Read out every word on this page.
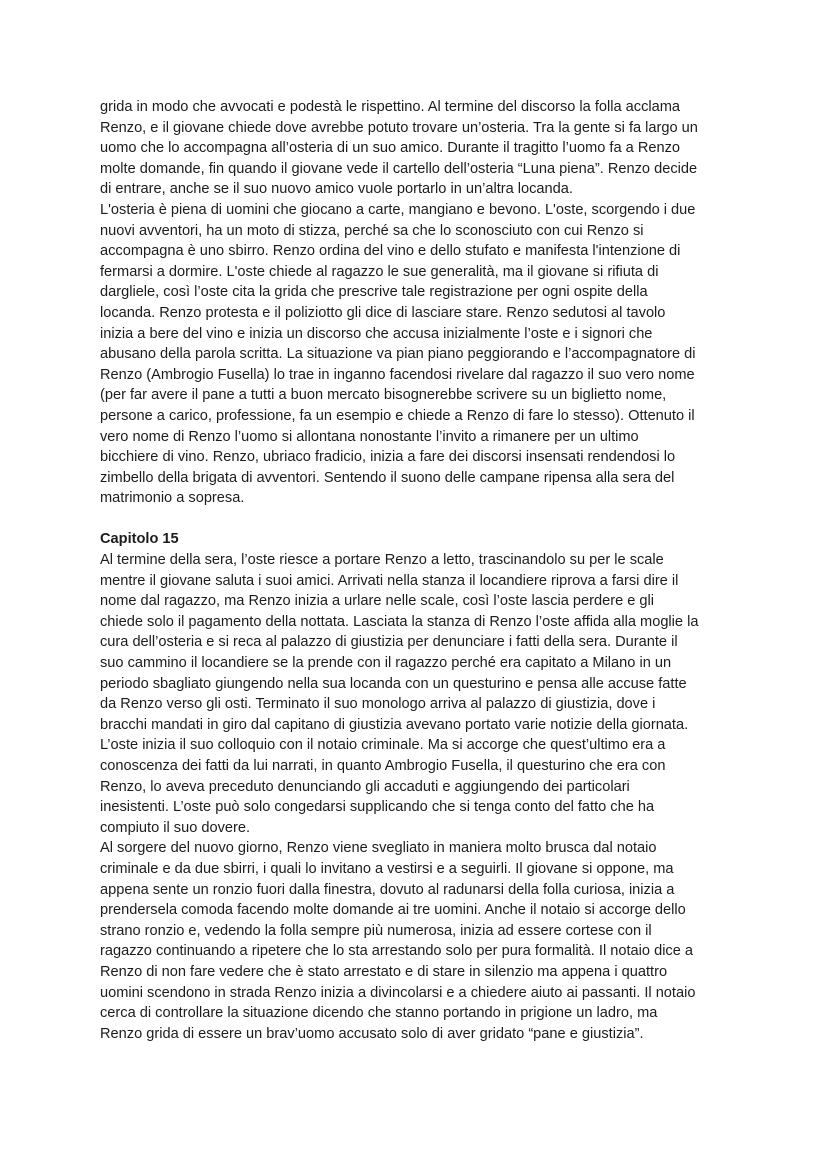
grida in modo che avvocati e podestà le rispettino. Al termine del discorso la folla acclama
Renzo, e il giovane chiede dove avrebbe potuto trovare un’osteria. Tra la gente si fa largo un
uomo che lo accompagna all’osteria di un suo amico. Durante il tragitto l’uomo fa a Renzo
molte domande, fin quando il giovane vede il cartello dell’osteria “Luna piena”. Renzo decide
di entrare, anche se il suo nuovo amico vuole portarlo in un’altra locanda.

L'osteria è piena di uomini che giocano a carte, mangiano e bevono. L'oste, scorgendo i due
nuovi avventori, ha un moto di stizza, perché sa che lo sconosciuto con cui Renzo si
accompagna è uno sbirro. Renzo ordina del vino e dello stufato e manifesta l'intenzione di
fermarsi a dormire. L'oste chiede al ragazzo le sue generalità, ma il giovane si rifiuta di
dargliele, così l’oste cita la grida che prescrive tale registrazione per ogni ospite della
locanda. Renzo protesta e il poliziotto gli dice di lasciare stare. Renzo sedutosi al tavolo
inizia a bere del vino e inizia un discorso che accusa inizialmente l’oste e i signori che
abusano della parola scritta. La situazione va pian piano peggiorando e l’accompagnatore di
Renzo (Ambrogio Fusella) lo trae in inganno facendosi rivelare dal ragazzo il suo vero nome
(per far avere il pane a tutti a buon mercato bisognerebbe scrivere su un biglietto nome,
persone a carico, professione, fa un esempio e chiede a Renzo di fare lo stesso). Ottenuto il
vero nome di Renzo l’uomo si allontana nonostante l’invito a rimanere per un ultimo
bicchiere di vino. Renzo, ubriaco fradicio, inizia a fare dei discorsi insensati rendendosi lo
zimbello della brigata di avventori. Sentendo il suono delle campane ripensa alla sera del
matrimonio a sopresa.

Capitolo 15

Al termine della sera, l’oste riesce a portare Renzo a letto, trascinandolo su per le scale
mentre il giovane saluta i suoi amici. Arrivati nella stanza il locandiere riprova a farsi dire il
nome dal ragazzo, ma Renzo inizia a urlare nelle scale, così l’oste lascia perdere e gli
chiede solo il pagamento della nottata. Lasciata la stanza di Renzo l’oste affida alla moglie la
cura dell’osteria e si reca al palazzo di giustizia per denunciare i fatti della sera. Durante il
suo cammino il locandiere se la prende con il ragazzo perché era capitato a Milano in un
periodo sbagliato giungendo nella sua locanda con un questurino e pensa alle accuse fatte
da Renzo verso gli osti. Terminato il suo monologo arriva al palazzo di giustizia, dove i
bracchi mandati in giro dal capitano di giustizia avevano portato varie notizie della giornata.
L’oste inizia il suo colloquio con il notaio criminale. Ma si accorge che quest’ultimo era a
conoscenza dei fatti da lui narrati, in quanto Ambrogio Fusella, il questurino che era con
Renzo, lo aveva preceduto denunciando gli accaduti e aggiungendo dei particolari
inesistenti. L’oste può solo congedarsi supplicando che si tenga conto del fatto che ha
compiuto il suo dovere.

Al sorgere del nuovo giorno, Renzo viene svegliato in maniera molto brusca dal notaio
criminale e da due sbirri, i quali lo invitano a vestirsi e a seguirli. Il giovane si oppone, ma
appena sente un ronzio fuori dalla finestra, dovuto al radunarsi della folla curiosa, inizia a
prendersela comoda facendo molte domande ai tre uomini. Anche il notaio si accorge dello
strano ronzio e, vedendo la folla sempre più numerosa, inizia ad essere cortese con il
ragazzo continuando a ripetere che lo sta arrestando solo per pura formalità. Il notaio dice a
Renzo di non fare vedere che è stato arrestato e di stare in silenzio ma appena i quattro
uomini scendono in strada Renzo inizia a divincolarsi e a chiedere aiuto ai passanti. Il notaio
cerca di controllare la situazione dicendo che stanno portando in prigione un ladro, ma
Renzo grida di essere un brav’uomo accusato solo di aver gridato “pane e giustizia”.
